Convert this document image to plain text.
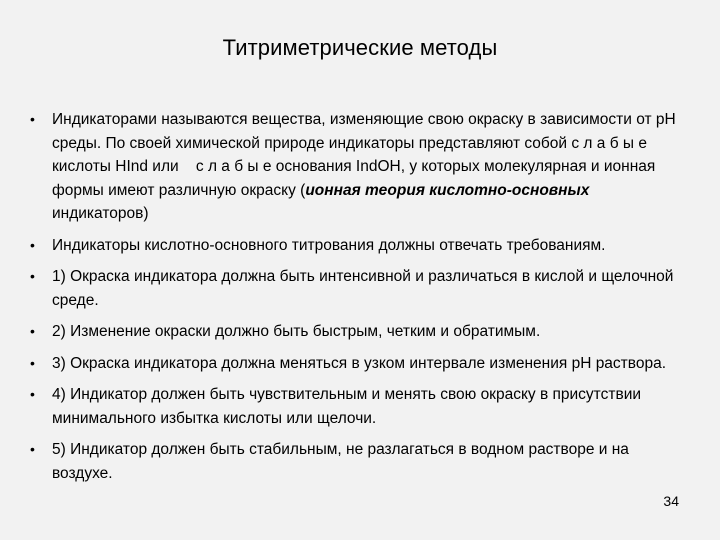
Титриметрические методы
• Индикаторами называются вещества, изменяющие свою окраску в зависимости от рН среды. По своей химической природе индикаторы представляют собой с л а б ы е кислоты HInd или    с л а б ы е основания IndOH, у которых молекулярная и ионная формы имеют различную окраску (ионная теория кислотно-основных индикаторов)
• Индикаторы кислотно-основного титрования должны отвечать требованиям.
• 1) Окраска индикатора должна быть интенсивной и различаться в кислой и щелочной среде.
• 2) Изменение окраски должно быть быстрым, четким и обратимым.
• 3) Окраска индикатора должна меняться в узком интервале изменения рН раствора.
• 4) Индикатор должен быть чувствительным и менять свою окраску в присутствии минимального избытка кислоты или щелочи.
• 5) Индикатор должен быть стабильным, не разлагаться в водном растворе и на воздухе.
34
